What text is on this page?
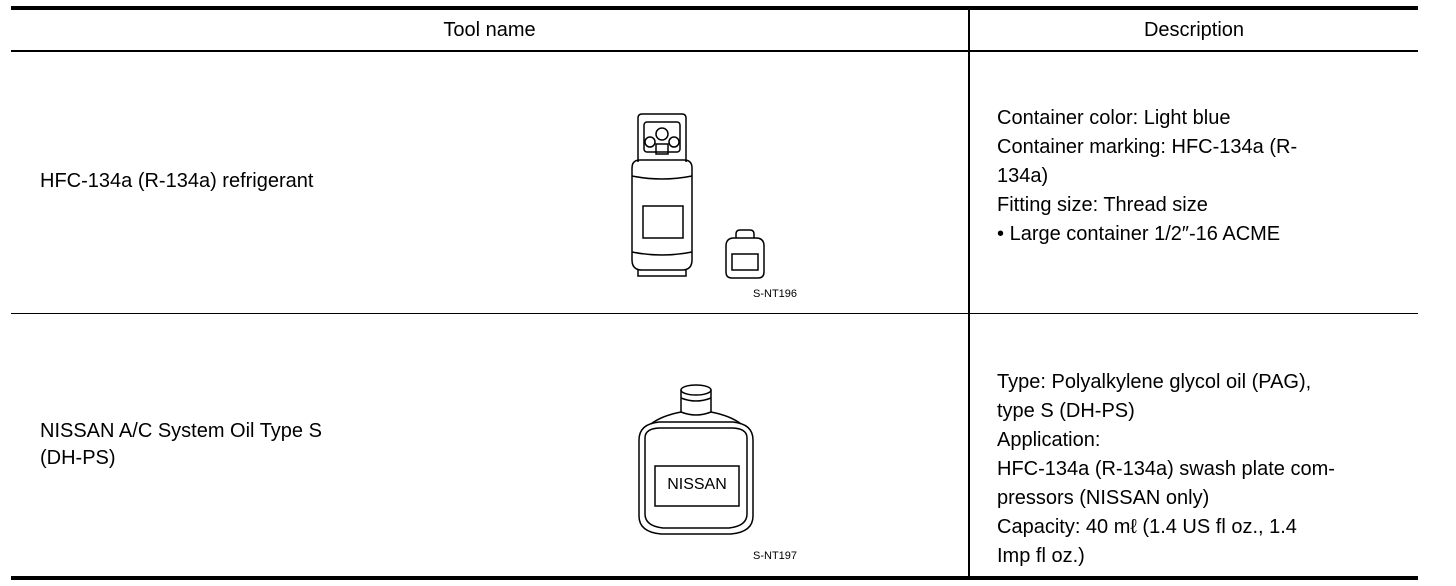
Tool name	Description
HFC-134a (R-134a) refrigerant
S-NT196
Container color: Light blue
Container marking: HFC-134a (R-
134a)
Fitting size: Thread size
• Large container 1/2″-16 ACME
NISSAN A/C System Oil Type S
(DH-PS)
NISSAN
S-NT197
Type: Polyalkylene glycol oil (PAG),
type S (DH-PS)
Application:
HFC-134a (R-134a) swash plate com-
pressors (NISSAN only)
Capacity: 40 mℓ (1.4 US fl oz., 1.4
Imp fl oz.)
